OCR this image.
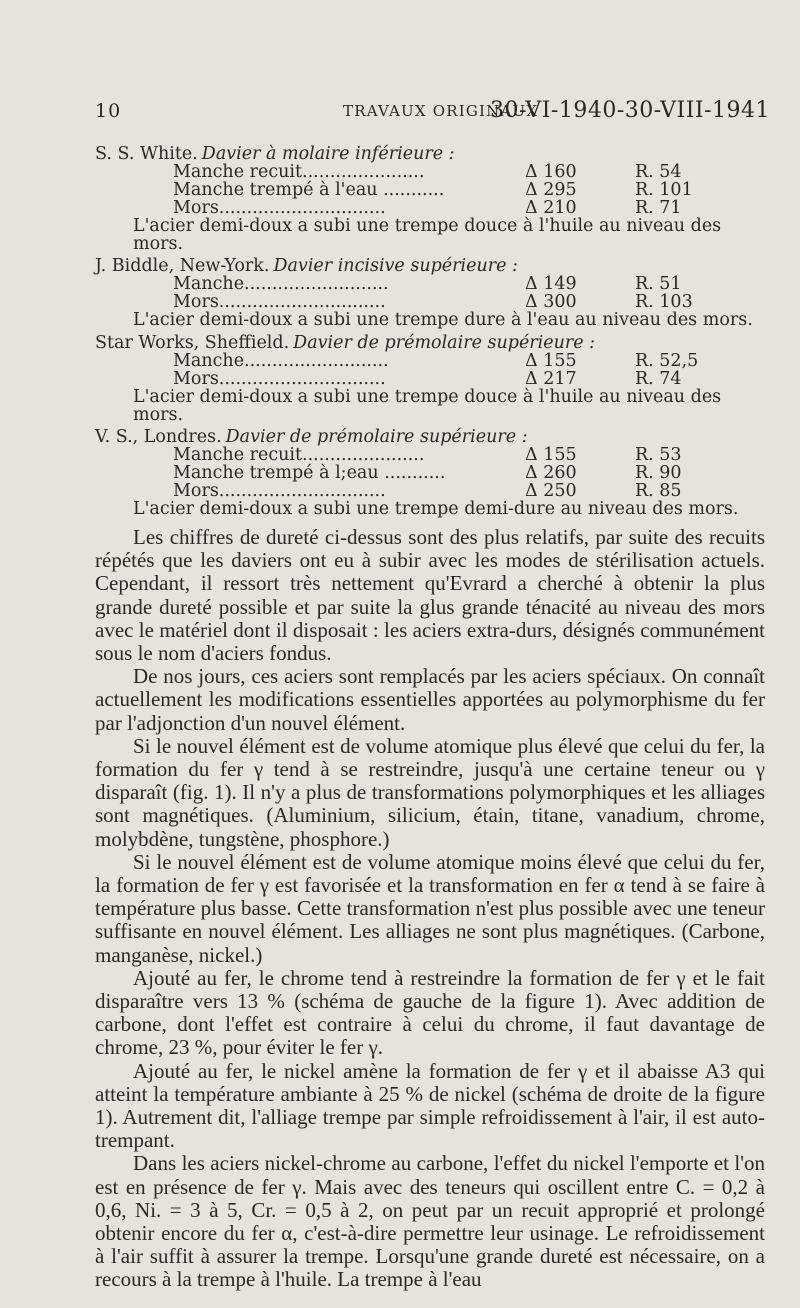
10	TRAVAUX ORIGINAUX
30-VI-1940-30-VIII-1941

S. S. White. Davier à molaire inférieure :

Manche recuit......................	Δ 160	R. 54
Manche trempé à l'eau ...........	Δ 295	R. 101
Mors..............................	Δ 210	R. 71

L'acier demi-doux a subi une trempe douce à l'huile au niveau des mors.

J. Biddle, New-York. Davier incisive supérieure :

Manche..........................	Δ 149	R. 51
Mors..............................	Δ 300	R. 103

L'acier demi-doux a subi une trempe dure à l'eau au niveau des mors.

Star Works, Sheffield. Davier de prémolaire supérieure :

Manche..........................	Δ 155	R. 52,5
Mors..............................	Δ 217	R. 74

L'acier demi-doux a subi une trempe douce à l'huile au niveau des mors.

V. S., Londres. Davier de prémolaire supérieure :

Manche recuit......................	Δ 155	R. 53
Manche trempé à l;eau ...........	Δ 260	R. 90
Mors..............................	Δ 250	R. 85

L'acier demi-doux a subi une trempe demi-dure au niveau des mors.

Les chiffres de dureté ci-dessus sont des plus relatifs, par suite des recuits répétés que les daviers ont eu à subir avec les modes de stérilisation actuels. Cependant, il ressort très nettement qu'Evrard a cherché à obtenir la plus grande dureté possible et par suite la glus grande ténacité au niveau des mors avec le matériel dont il disposait : les aciers extra-durs, désignés communément sous le nom d'aciers fondus.

De nos jours, ces aciers sont remplacés par les aciers spéciaux. On connaît actuellement les modifications essentielles apportées au polymorphisme du fer par l'adjonction d'un nouvel élément.

Si le nouvel élément est de volume atomique plus élevé que celui du fer, la formation du fer γ tend à se restreindre, jusqu'à une certaine teneur ou γ disparaît (fig. 1). Il n'y a plus de transformations polymorphiques et les alliages sont magnétiques. (Aluminium, silicium, étain, titane, vanadium, chrome, molybdène, tungstène, phosphore.)

Si le nouvel élément est de volume atomique moins élevé que celui du fer, la formation de fer γ est favorisée et la transformation en fer α tend à se faire à température plus basse. Cette transformation n'est plus possible avec une teneur suffisante en nouvel élément. Les alliages ne sont plus magnétiques. (Carbone, manganèse, nickel.)

Ajouté au fer, le chrome tend à restreindre la formation de fer γ et le fait disparaître vers 13 % (schéma de gauche de la figure 1). Avec addition de carbone, dont l'effet est contraire à celui du chrome, il faut davantage de chrome, 23 %, pour éviter le fer γ.

Ajouté au fer, le nickel amène la formation de fer γ et il abaisse A3 qui atteint la température ambiante à 25 % de nickel (schéma de droite de la figure 1). Autrement dit, l'alliage trempe par simple refroidissement à l'air, il est auto-trempant.

Dans les aciers nickel-chrome au carbone, l'effet du nickel l'emporte et l'on est en présence de fer γ. Mais avec des teneurs qui oscillent entre C. = 0,2 à 0,6, Ni. = 3 à 5, Cr. = 0,5 à 2, on peut par un recuit approprié et prolongé obtenir encore du fer α, c'est-à-dire permettre leur usinage. Le refroidissement à l'air suffit à assurer la trempe. Lorsqu'une grande dureté est nécessaire, on a recours à la trempe à l'huile. La trempe à l'eau
